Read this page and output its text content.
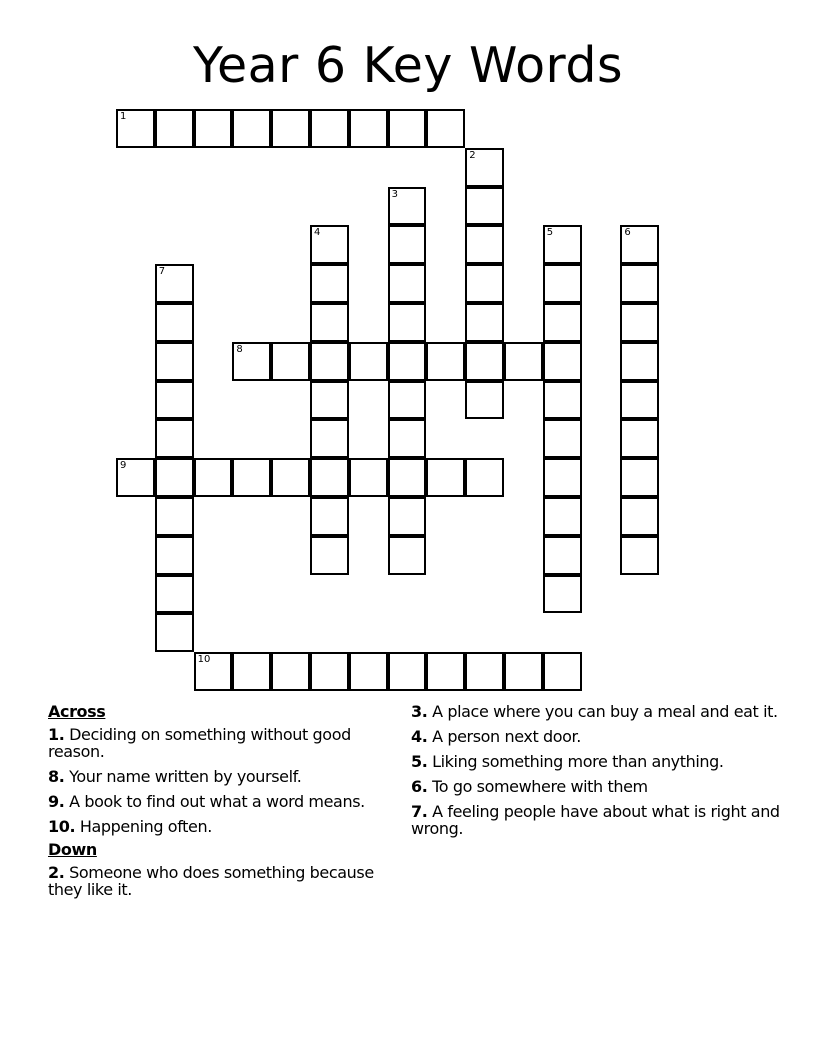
Year 6 Key Words
1
2
3
4	5	6
7
8
9
10
Across
1. Deciding on something without good reason.
8. Your name written by yourself.
9. A book to find out what a word means.
10. Happening often.
Down
2. Someone who does something because they like it.
3. A place where you can buy a meal and eat it.
4. A person next door.
5. Liking something more than anything.
6. To go somewhere with them
7. A feeling people have about what is right and wrong.
